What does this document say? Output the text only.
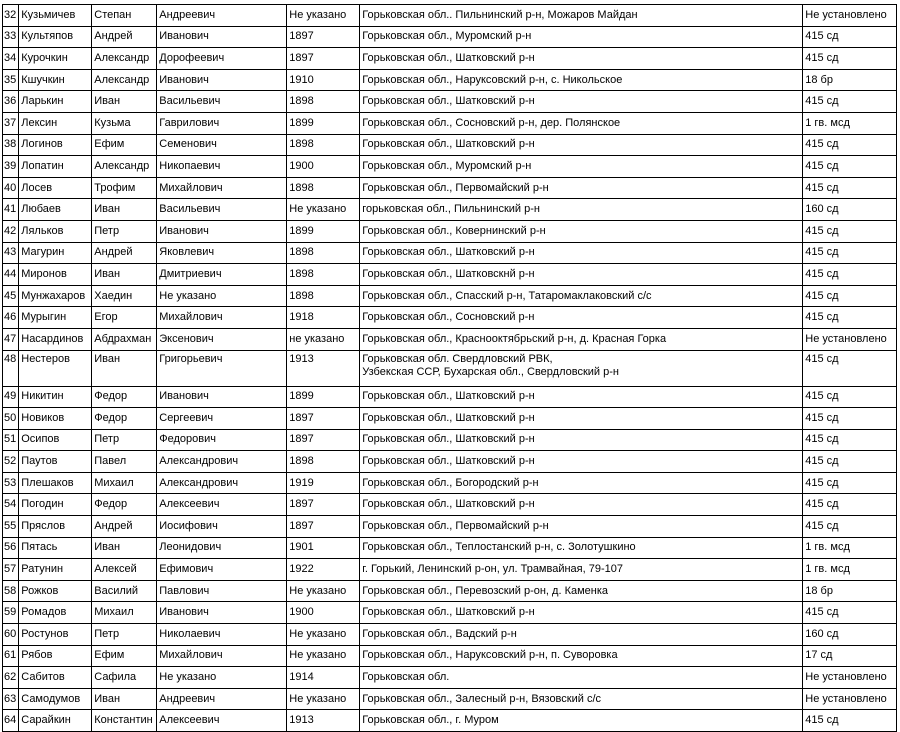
32	Кузьмичев	Степан	Андреевич	Не указано	Горьковская обл.. Пильнинский р-н, Можаров Майдан	Не установлено
33	Культяпов	Андрей	Иванович	1897	Горьковская обл., Муромский р-н	415 сд
34	Курочкин	Александр	Дорофеевич	1897	Горьковская обл., Шатковский р-н	415 сд
35	Кшучкин	Александр	Иванович	1910	Горьковская обл., Наруксовский р-н, с. Никольское	18 бр
36	Ларькин	Иван	Васильевич	1898	Горьковская обл., Шатковский р-н	415 сд
37	Лексин	Кузьма	Гаврилович	1899	Горьковская обл., Сосновский р-н, дер. Полянское	1 гв. мсд
38	Логинов	Ефим	Семенович	1898	Горьковская обл., Шатковский р-н	415 сд
39	Лопатин	Александр	Никопаевич	1900	Горьковская обл., Муромский р-н	415 сд
40	Лосев	Трофим	Михайлович	1898	Горьковская обл., Первомайский р-н	415 сд
41	Любаев	Иван	Васильевич	Не указано	горьковская обл., Пильнинский р-н	160 сд
42	Ляльков	Петр	Иванович	1899	Горьковская обл., Ковернинский р-н	415 сд
43	Магурин	Андрей	Яковлевич	1898	Горьковская обл., Шатковский р-н	415 сд
44	Миронов	Иван	Дмитриевич	1898	Горьковская обл., Шатковскнй р-н	415 сд
45	Мунжахаров	Хаедин	Не указано	1898	Горьковская обл., Спасский р-н, Татаромаклаковский с/с	415 сд
46	Мурыгин	Егор	Михайлович	1918	Горьковская обл., Сосновский р-н	415 сд
47	Насардинов	Абдрахман	Эксенович	не указано	Горьковская обл., Краснооктябрьский р-н, д. Красная Горка	Не установлено
48	Нестеров	Иван	Григорьевич	1913	Горьковская обл. Свердловский РВК,
Узбекская ССР, Бухарская обл., Свердловский р-н	415 сд
49	Никитин	Федор	Иванович	1899	Горьковская обл., Шатковский р-н	415 сд
50	Новиков	Федор	Сергеевич	1897	Горьковская обл., Шатковский р-н	415 сд
51	Осипов	Петр	Федорович	1897	Горьковская обл., Шатковский р-н	415 сд
52	Паутов	Павел	Александрович	1898	Горьковская обл., Шатковский р-н	415 сд
53	Плешаков	Михаил	Александрович	1919	Горьковская обл., Богородский р-н	415 сд
54	Погодин	Федор	Алексеевич	1897	Горьковская обл., Шатковский р-н	415 сд
55	Пряслов	Андрей	Иосифович	1897	Горьковская обл., Первомайский р-н	415 сд
56	Пятась	Иван	Леонидович	1901	Горьковская обл., Теплостанский р-н, с. Золотушкино	1 гв. мсд
57	Ратунин	Алексей	Ефимович	1922	г. Горький, Ленинский р-он, ул. Трамвайная, 79-107	1 гв. мсд
58	Рожков	Василий	Павлович	Не указано	Горьковская обл., Перевозский р-он, д. Каменка	18 бр
59	Ромадов	Михаил	Иванович	1900	Горьковская обл., Шатковский р-н	415 сд
60	Ростунов	Петр	Николаевич	Не указано	Горьковская обл., Вадский р-н	160 сд
61	Рябов	Ефим	Михайлович	Не указано	Горьковская обл., Наруксовский р-н, п. Суворовка	17 сд
62	Сабитов	Сафила	Не указано	1914	Горьковская обл.	Не установлено
63	Самодумов	Иван	Андреевич	Не указано	Горьковская обл., Залесный р-н, Вязовский с/с	Не установлено
64	Сарайкин	Константин	Алексеевич	1913	Горьковская обл., г. Муром	415 сд
